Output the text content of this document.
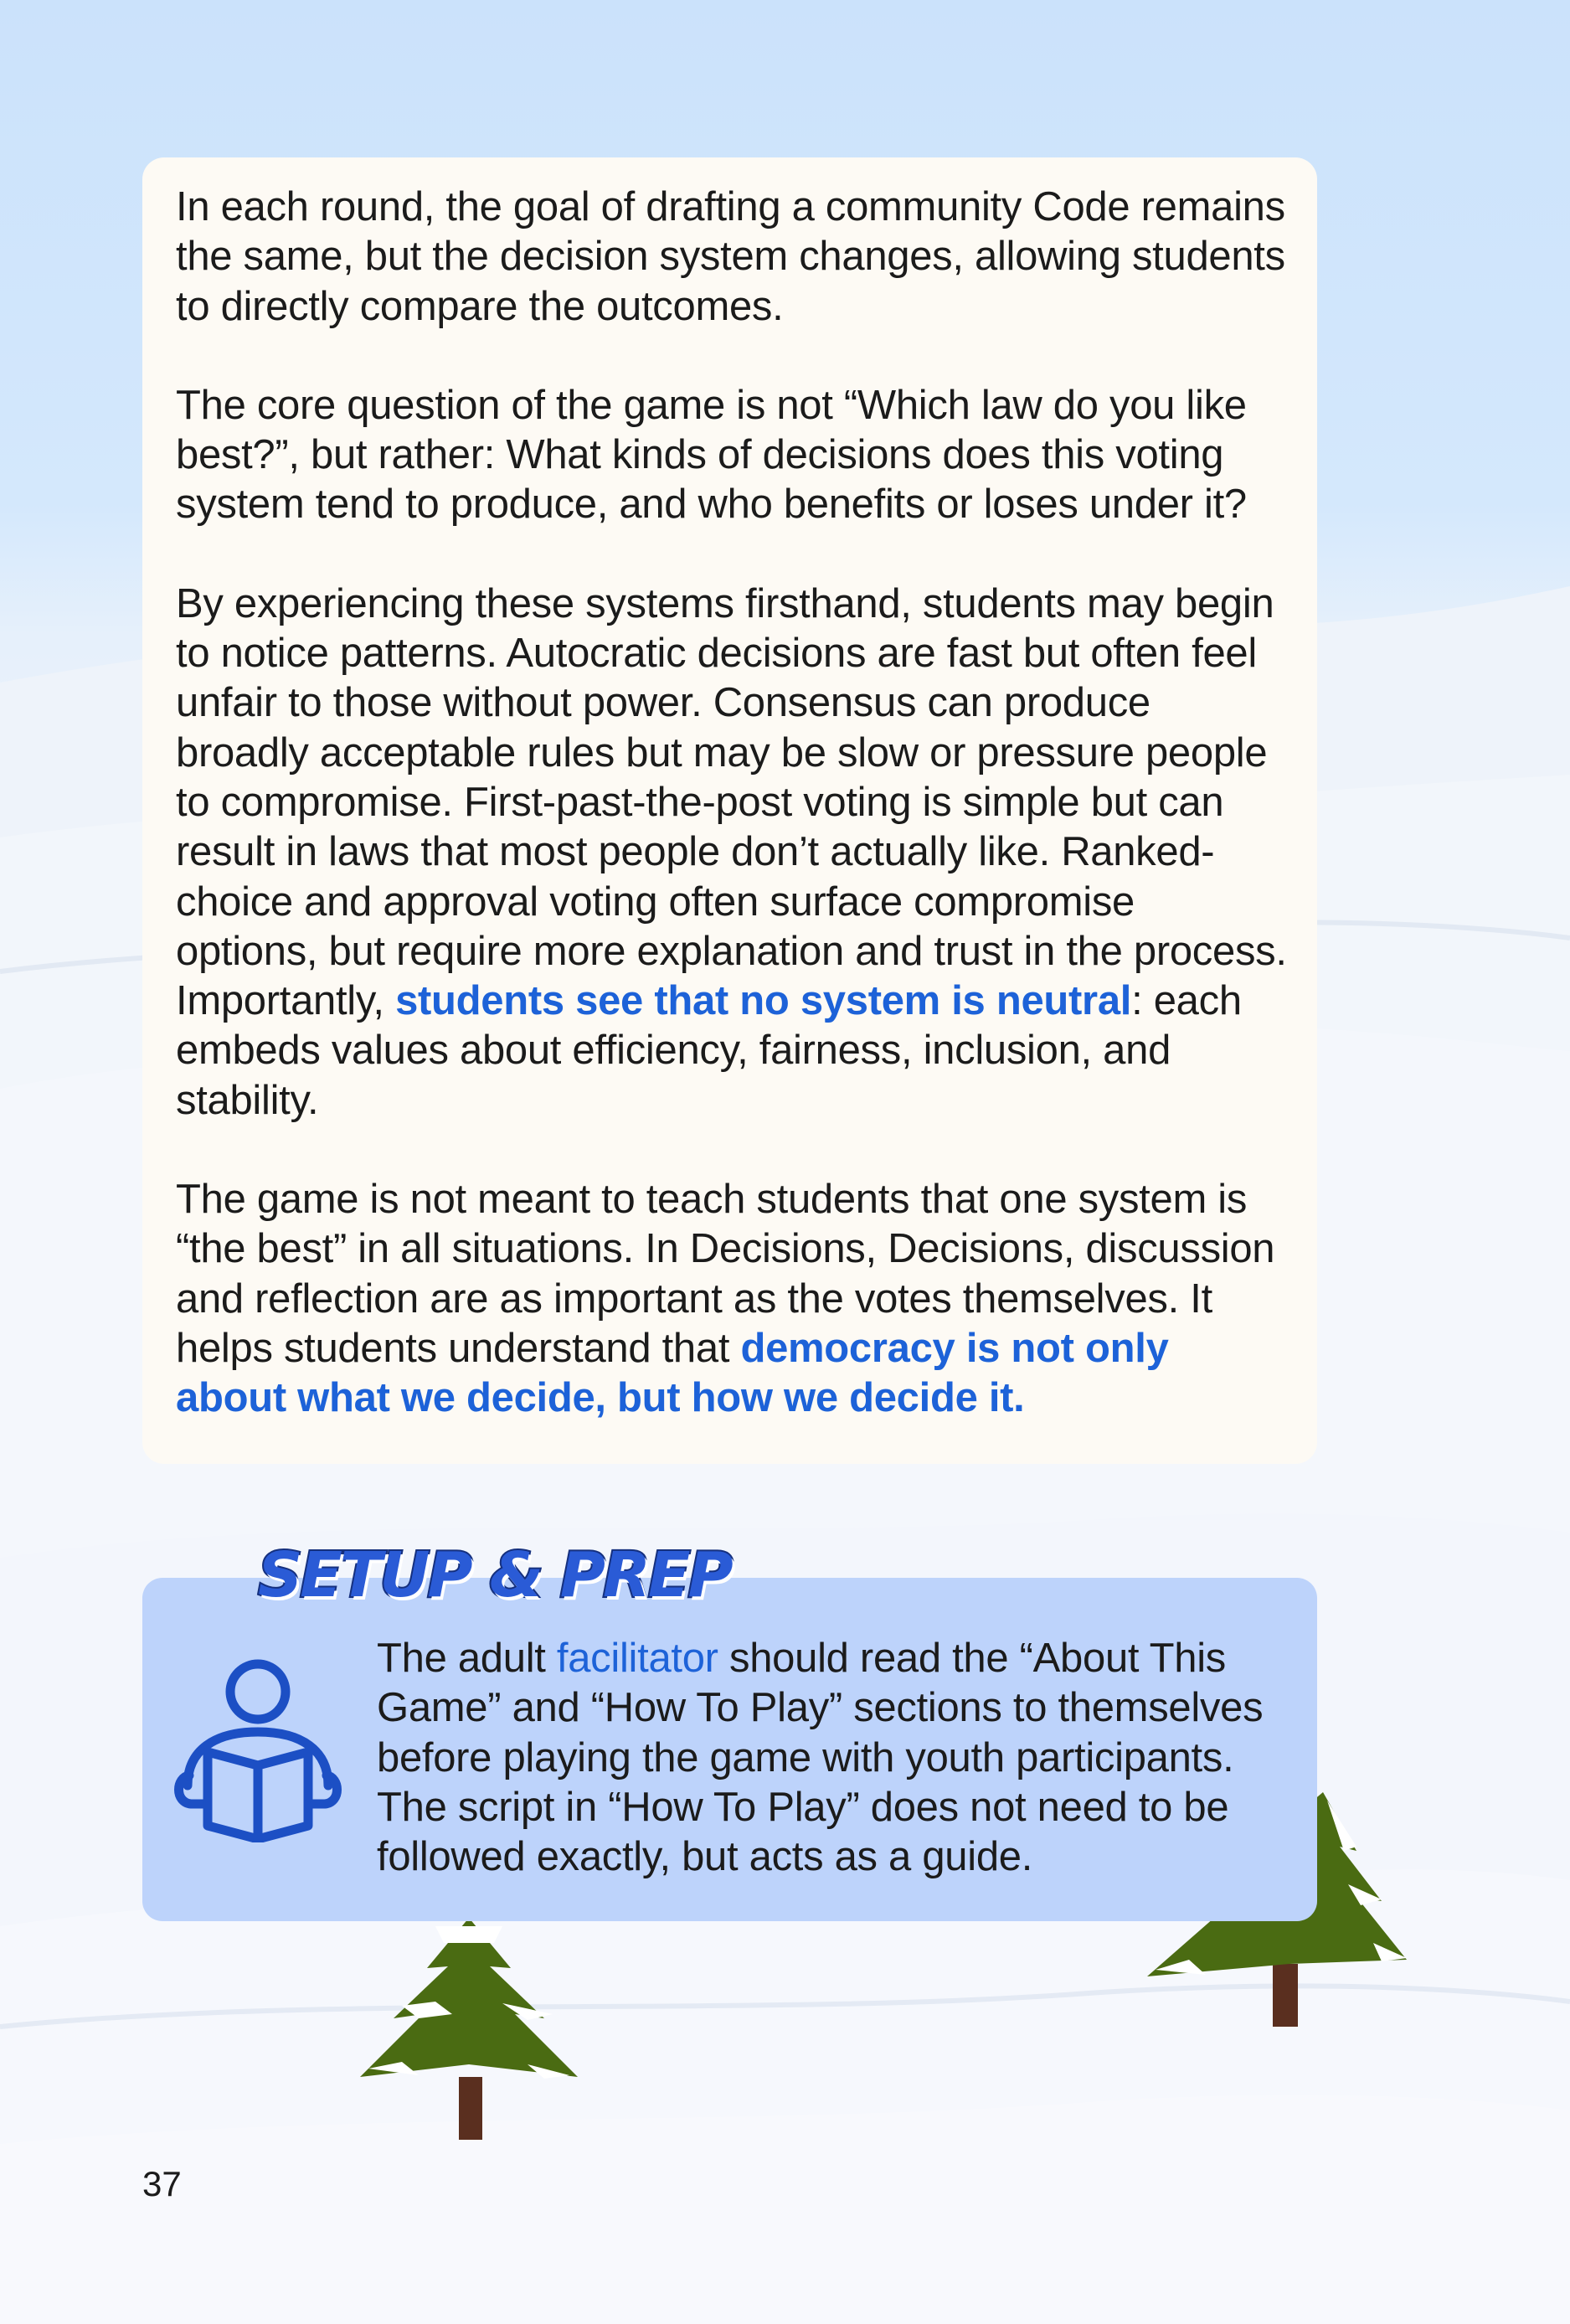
In each round, the goal of drafting a community Code remains the same, but the decision system changes, allowing students to directly compare the outcomes.

The core question of the game is not “Which law do you like best?”, but rather: What kinds of decisions does this voting system tend to produce, and who benefits or loses under it?

By experiencing these systems firsthand, students may begin to notice patterns. Autocratic decisions are fast but often feel unfair to those without power. Consensus can produce broadly acceptable rules but may be slow or pressure people to compromise. First-past-the-post voting is simple but can result in laws that most people don’t actually like. Ranked-choice and approval voting often surface compromise options, but require more explanation and trust in the process. Importantly, students see that no system is neutral: each embeds values about efficiency, fairness, inclusion, and stability.

The game is not meant to teach students that one system is “the best” in all situations. In Decisions, Decisions, discussion and reflection are as important as the votes themselves. It helps students understand that democracy is not only about what we decide, but how we decide it.

SETUP & PREP

The adult facilitator should read the “About This Game” and “How To Play” sections to themselves before playing the game with youth participants. The script in “How To Play” does not need to be followed exactly, but acts as a guide.

37
